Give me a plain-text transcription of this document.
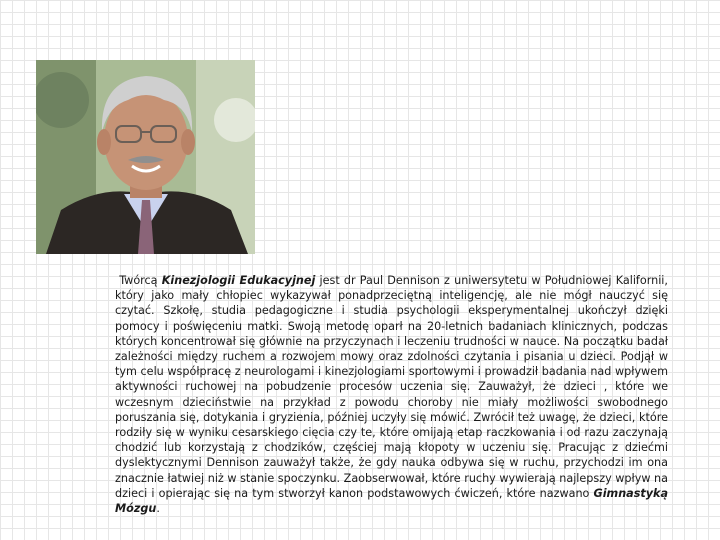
Twórcą Kinezjologii Edukacyjnej jest dr Paul Dennison z uniwersytetu w Południowej Kalifornii, który jako mały chłopiec wykazywał ponadprzeciętną inteligencję, ale nie mógł nauczyć się czytać. Szkołę, studia pedagogiczne i studia psychologii eksperymentalnej ukończył dzięki pomocy i poświęceniu matki. Swoją metodę oparł na 20-letnich badaniach klinicznych, podczas których koncentrował się głównie na przyczynach i leczeniu trudności w nauce. Na początku badał zależności między ruchem a rozwojem mowy oraz zdolności czytania i pisania u dzieci. Podjął w tym celu współpracę z neurologami i kinezjologiami sportowymi i prowadził badania nad wpływem aktywności ruchowej na pobudzenie procesów uczenia się. Zauważył, że dzieci , które we wczesnym dzieciństwie na przykład z powodu choroby nie miały możliwości swobodnego poruszania się, dotykania i gryzienia, później uczyły się mówić. Zwrócił też uwagę, że dzieci, które rodziły się w wyniku cesarskiego cięcia czy te, które omijają etap raczkowania i od razu zaczynają chodzić lub korzystają z chodzików, częściej mają kłopoty w uczeniu się. Pracując z dziećmi dyslektycznymi Dennison zauważył także, że gdy nauka odbywa się w ruchu, przychodzi im ona znacznie łatwiej niż w stanie spoczynku. Zaobserwował, które ruchy wywierają najlepszy wpływ na dzieci i opierając się na tym stworzył kanon podstawowych ćwiczeń, które nazwano Gimnastyką Mózgu.
